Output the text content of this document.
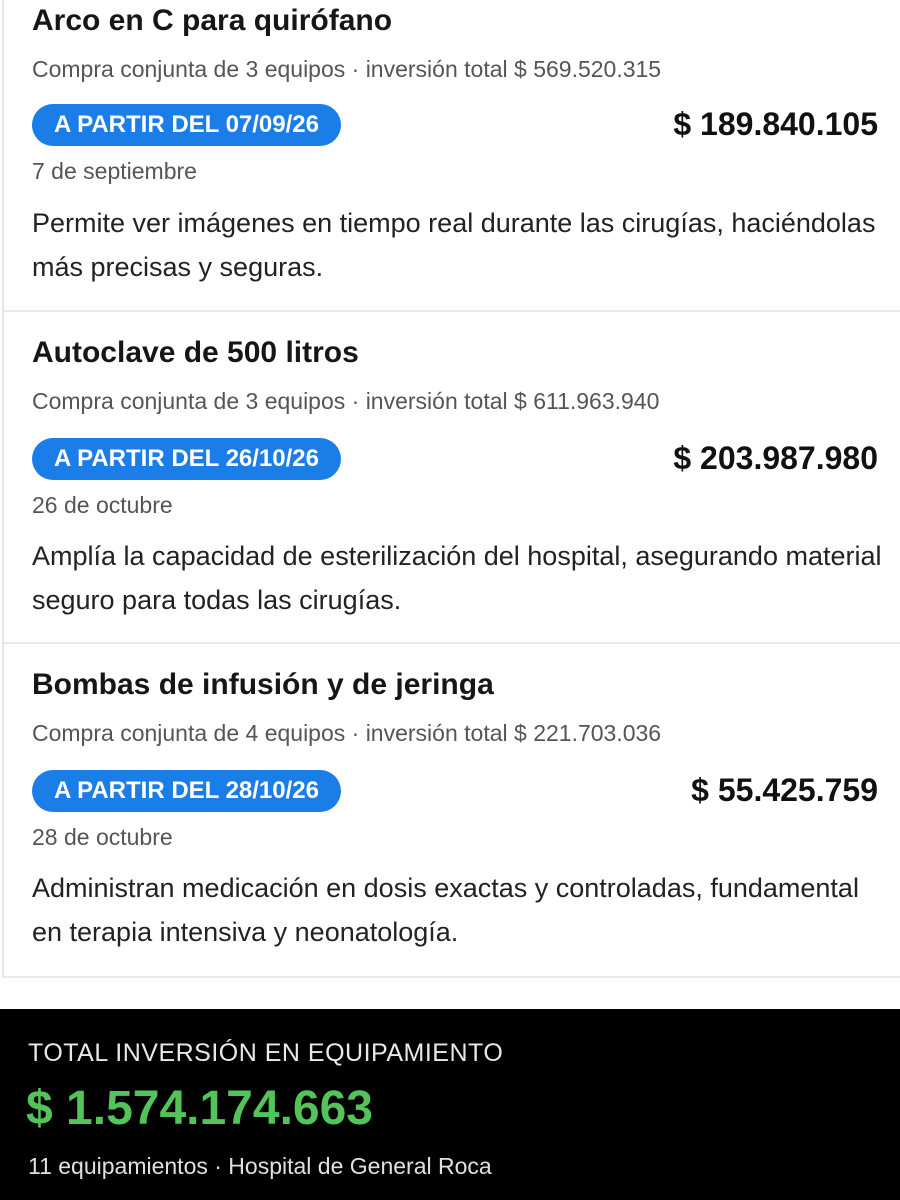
Arco en C para quirófano
Compra conjunta de 3 equipos · inversión total $ 569.520.315
A PARTIR DEL 07/09/26	$ 189.840.105
7 de septiembre
Permite ver imágenes en tiempo real durante las cirugías, haciéndolas más precisas y seguras.
Autoclave de 500 litros
Compra conjunta de 3 equipos · inversión total $ 611.963.940
A PARTIR DEL 26/10/26	$ 203.987.980
26 de octubre
Amplía la capacidad de esterilización del hospital, asegurando material seguro para todas las cirugías.
Bombas de infusión y de jeringa
Compra conjunta de 4 equipos · inversión total $ 221.703.036
A PARTIR DEL 28/10/26	$ 55.425.759
28 de octubre
Administran medicación en dosis exactas y controladas, fundamental en terapia intensiva y neonatología.
TOTAL INVERSIÓN EN EQUIPAMIENTO
$ 1.574.174.663
11 equipamientos · Hospital de General Roca
